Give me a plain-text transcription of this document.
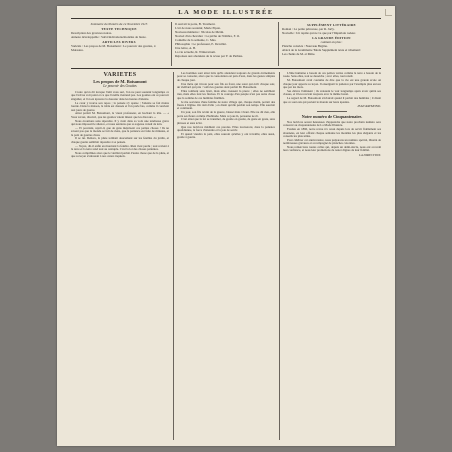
LA MODE ILLUSTRÉE
Sommaire du Numéro du 14 Novembre 1915
TEXTE TECHNIQUE
Description des gravures noires.
Annexe développable : Suivi/indications/modèles de buste.
ARTICLES DIVERS
Variétés : Les propos de M. Boisamont : Le pouvoir des gouttes, 4 Moissieu.
Il ouvrait la porte, B. Tresmont.
L'art de nous soutenir, Marie Pipon.
Nouveau mémoire : Nicolas de Mérin.
Nouvel d'un chevalier : La pêche de l'Ombre, F. O.
Comédie de la semaine, C. Mas.
Philosophie : Le professeur, E. Dewillet.
Une lettre, A. B.
La vie actuelle, R. Winterstrom.
Réponses aux abonnées de la revue par Y. de Puthtes.
SUPPLÉMENT LITTÉRAIRE
Roman : La petite princesse, par R. Jarly.
Nouvelle : Un rapide qui ne va que par l'Impériale rodeur.
LA GRANDE ÉDITION
contient en plus :
Planche coloriée : Nouveau Bégina.
Abécé de la Grammaire 'Mode Supplément texte et vêtement'.
Les chants de M. et Mme.
VARIÉTÉS
Les propos de M. Boisamont
Le pouvoir des Gouttes

Croire qu'on dit lorsque l'ami vous sert, l'on ne peut soutenir longtemps ce que l'œil ne voit point et ce que l'oreille n'entend pas. Les gouttes ont ce pouvoir singulier, et l'on en éprouve la douceur dans les heures d'attente.

Le cœur y trouve son repos ; la pensée s'y apaise ; l'attente se fait moins lourde. Dans la maison, la table est dressée et l'on parle bas, comme il convient aux jours de guerre.

Ainsi parlait M. Boisamont, le vieux professeur, en hochant la tête. — « Vous verrez, disait-il, que les gouttes valent mieux que les discours. »

Nous écoutions sans répondre. Il y avait dans sa voix une tendresse grave qui nous imposait le silence, et nous sentions que sa sagesse venait de loin.

— Et pourtant, reprit-il, que de gens méprisent ces petites choses ! Ils ne savent pas que le monde se fait de riens, que la patience est faite de minutes, et la paix de gouttes d'eau.

Il se tut. Dehors, la pluie tombait doucement sur les feuilles du jardin, et chaque goutte semblait répondre à sa pensée.

— Voyez, dit-il enfin en montrant la fenêtre. Rien n'est perdu ; tout revient à la terre et la terre rend tout au centuple. C'est la loi des choses patientes.

Nous comprîmes alors que le vieillard parlait d'autre chose que de la pluie, et que sa leçon s'adressait à nos cœurs inquiets.

Les hommes sont ainsi faits qu'ils attendent toujours de grands événements pour se consoler, alors que la consolation est près d'eux, dans les gestes simples de chaque jour.

Une mère qui tricote pour son fils au front, une sœur qui écrit chaque soir, un vieillard qui prie : voilà les gouttes dont parlait M. Boisamont.

Elles tombent sans bruit, mais elles creusent la pierre ; elles ne semblent rien, mais elles font les fleuves. Et le courage d'un peuple n'est pas autre chose que la somme de ces humbles fidélités.

Je me souviens d'une femme de notre village qui, chaque matin, portait des fleurs à l'église. On riait d'elle ; on disait qu'elle perdait son temps. Elle souriait et continuait.

Un jour, son fils revint de la guerre, blessé mais vivant. Elle ne dit rien, elle porta ses fleurs comme d'habitude. Mais ce jour-là, personne ne rit.

C'est ainsi que la foi se transmet, de goutte en goutte, de geste en geste, sans phrases et sans éclat.

Que nos lectrices méditent ces paroles. Elles trouveront, dans la patience quotidienne, la force d'attendre et la joie de servir.

Et quand viendra la paix, elles sauront qu'elles y ont travaillé, elles aussi, goutte à goutte.

L'âme humaine a besoin de ces petites vertus comme la terre a besoin de la rosée. Sans elles, tout se dessèche ; avec elles, tout renaît.

M. Boisamont avait coutume de dire que la vie est une grande école où chaque jour apporte sa leçon. Il enseignait la patience par l'exemple plus encore que par les mots.

Ses élèves l'aimaient ; ils venaient le voir longtemps après avoir quitté ses classes, et il les recevait toujours avec la même bonté.

Le regard de M. Boisamont s'éclairait quand il parlait des humbles ; il disait que ce sont eux qui portent le monde sur leurs épaules.

JEAN RAYMOND.
Notre numéro de Cinquantenaire.

Nos lectrices seront heureuses d'apprendre que notre prochain numéro sera consacré au cinquantenaire de La Mode Illustrée.

Fondée en 1860, notre revue n'a cessé depuis lors de servir fidèlement ses abonnées, en leur offrant chaque semaine les modèles les plus élégants et les conseils les plus utiles.

Pour célébrer cet anniversaire, nous préparons un numéro spécial, illustré de nombreuses gravures et accompagné de planches coloriées.

Nous remercions toutes celles qui, depuis un demi-siècle, nous ont accordé leur confiance, et nous leur promettons de rester dignes de leur fidélité.

LA DIRECTION.
